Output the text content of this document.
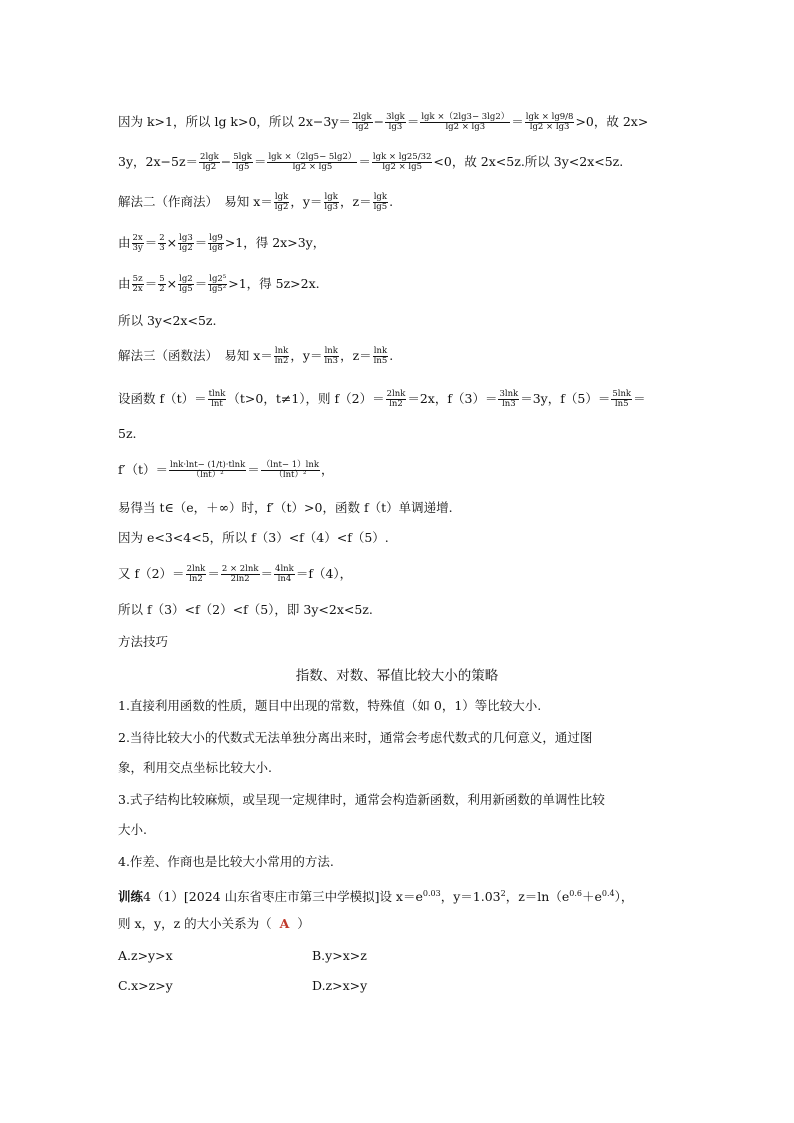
因为 k>1，所以 lg k>0，所以 $2x-3y= \frac{2\lg k}{\lg 2} - \frac{3\lg k}{\lg 3} = \frac{\lg k \times(2\lg 3- 3\lg 2)}{\lg 2 \times \lg 3} = \frac{\lg k \times \lg 9/8}{\lg 2 \times \lg 3} >0$，故 2x>
3y，$2x-5z= \frac{2\lg k}{\lg 2} - \frac{5\lg k}{\lg 5} = \frac{\lg k \times(2\lg 5- 5\lg 2)}{\lg 2 \times \lg 5} = \frac{\lg k \times \lg 25/32}{\lg 2 \times \lg 5} <0$，故 2x<5z.所以 3y<2x<5z.
解法二（作商法）　易知 $x= \frac{\lg k}{\lg 2}$ ，$y= \frac{\lg k}{\lg 3}$ ，$z= \frac{\lg k}{\lg 5}$ .
由 $\frac{2x}{3y} = \frac{2}{3} \times \frac{\lg 3}{\lg 2} = \frac{\lg 9}{\lg 8} >1$，得 2x>3y，
由 $\frac{5z}{2x} = \frac{5}{2} \times \frac{\lg 2}{\lg 5} = \frac{\text{lg2⁵}}{\text{lg5²}} >1$，得 5z>2x.
所以 3y<2x<5z.
解法三（函数法）　易知 $x= \frac{\ln k}{\ln 2}$ ，$y= \frac{\ln k}{\ln 3}$ ，$z= \frac{\ln k}{\ln 5}$ .
设函数 $f(t)= \frac{tlnk}{\ln t} (t>0$，t≠1），则 $f(2)= \frac{2\ln k}{\ln 2} =2x$，$f(3)= \frac{3\ln k}{\ln 3} =3y$，$f(5)= \frac{5\ln k}{\ln 5}$ ＝
5z.
$f'(t)= \frac{\ln k\cdot\ln t- (1/t)\cdot tlnk}{\text{（lnt）²}} = \frac{(\ln t- 1)\ln k}{\text{（lnt）²}}$ ，
易得当 t∈（e，＋∞）时，f′（t）>0，函数 f（t）单调递增.
因为 e<3<4<5，所以 f（3）<f（4）<f（5）.
又 $f(2)= \frac{2\ln k}{\ln 2} = \frac{2 \times 2\ln k}{2\ln 2} = \frac{4\ln k}{\ln 4} =f(4)$，
所以 f（3）<f（2）<f（5），即 3y<2x<5z.
方法技巧
指数、对数、幂值比较大小的策略
1.直接利用函数的性质，题目中出现的常数，特殊值（如 0，1）等比较大小.
2.当待比较大小的代数式无法单独分离出来时，通常会考虑代数式的几何意义，通过图
象，利用交点坐标比较大小.
3.式子结构比较麻烦，或呈现一定规律时，通常会构造新函数，利用新函数的单调性比较
大小.
4.作差、作商也是比较大小常用的方法.
训练4（1）[2024 山东省枣庄市第三中学模拟]设 $x=e^{0.03}$，$y=1.03^2$，$z=\ln(e^{0.6}+e^{0.4})$，
则 x，y，z 的大小关系为（ A ）
A.z>y>x	B.y>x>z
C.x>z>y	D.z>x>y
